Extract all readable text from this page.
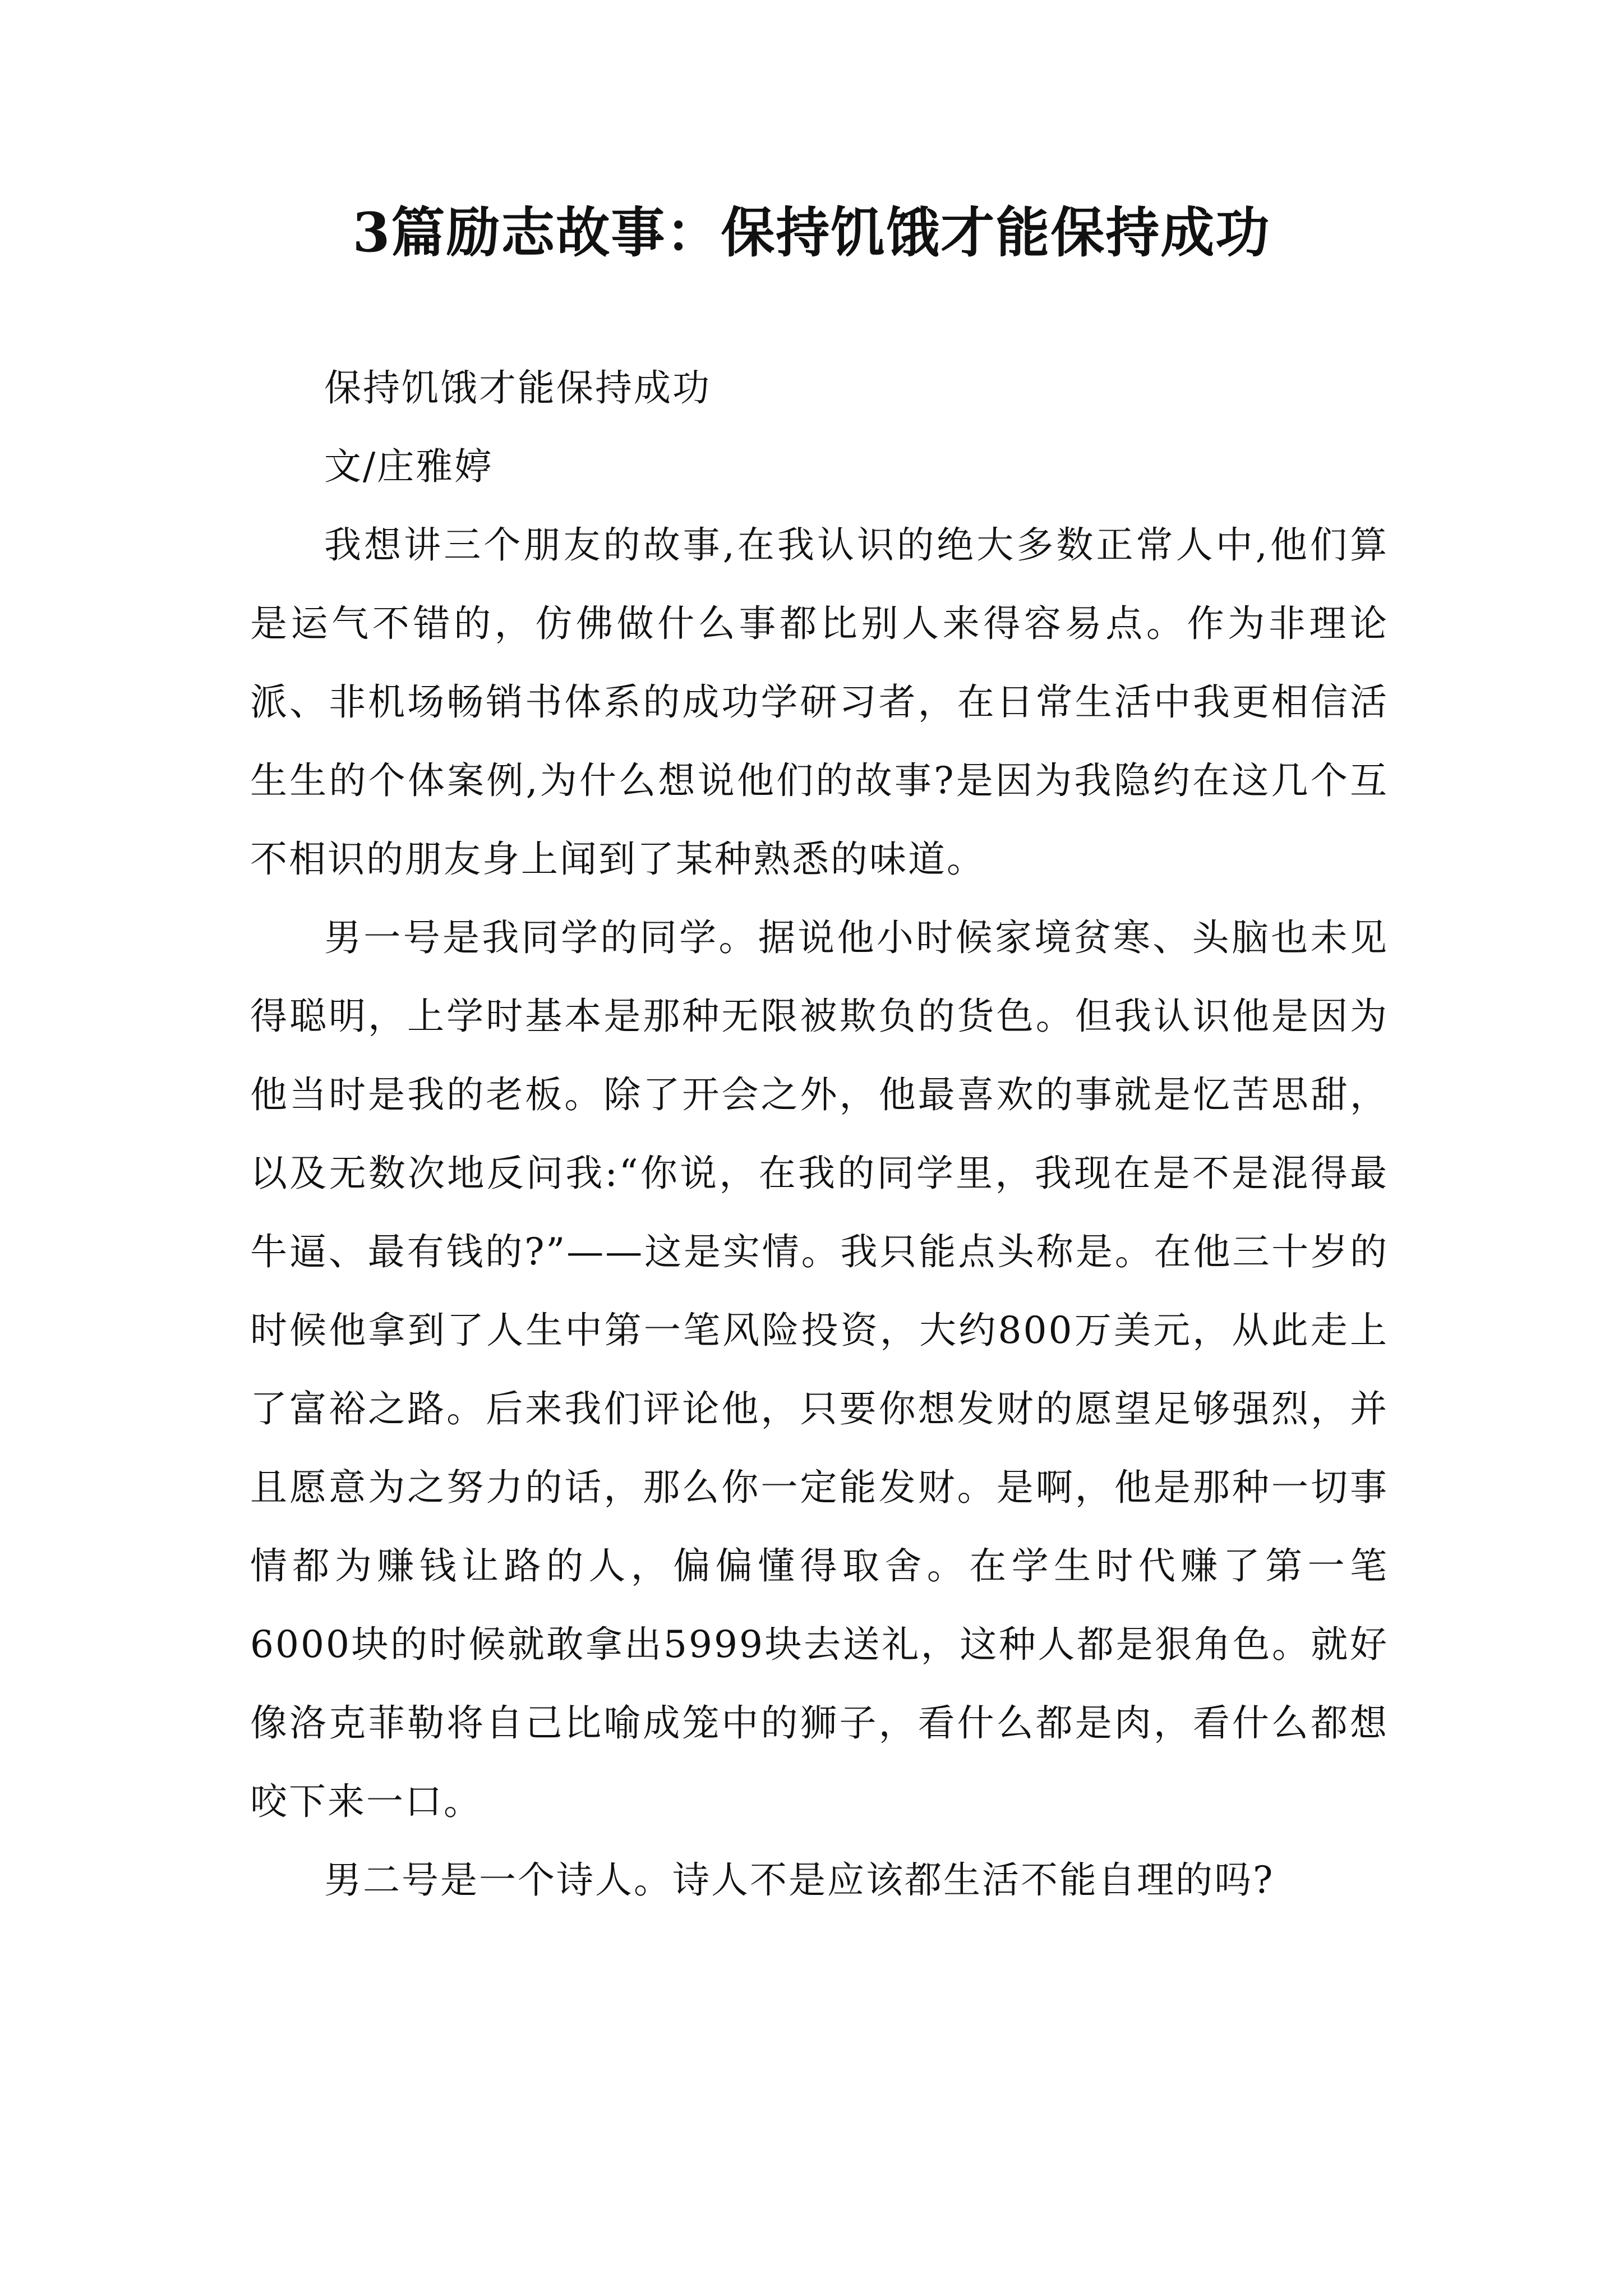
3篇励志故事：保持饥饿才能保持成功

保持饥饿才能保持成功

文/庄雅婷

我想讲三个朋友的故事,在我认识的绝大多数正常人中,他们算是运气不错的，仿佛做什么事都比别人来得容易点。作为非理论派、非机场畅销书体系的成功学研习者，在日常生活中我更相信活生生的个体案例,为什么想说他们的故事?是因为我隐约在这几个互不相识的朋友身上闻到了某种熟悉的味道。

男一号是我同学的同学。据说他小时候家境贫寒、头脑也未见得聪明，上学时基本是那种无限被欺负的货色。但我认识他是因为他当时是我的老板。除了开会之外，他最喜欢的事就是忆苦思甜，以及无数次地反问我:“你说，在我的同学里，我现在是不是混得最牛逼、最有钱的?”——这是实情。我只能点头称是。在他三十岁的时候他拿到了人生中第一笔风险投资，大约800万美元，从此走上了富裕之路。后来我们评论他，只要你想发财的愿望足够强烈，并且愿意为之努力的话，那么你一定能发财。是啊，他是那种一切事情都为赚钱让路的人，偏偏懂得取舍。在学生时代赚了第一笔6000块的时候就敢拿出5999块去送礼，这种人都是狠角色。就好像洛克菲勒将自己比喻成笼中的狮子，看什么都是肉，看什么都想咬下来一口。

男二号是一个诗人。诗人不是应该都生活不能自理的吗?
